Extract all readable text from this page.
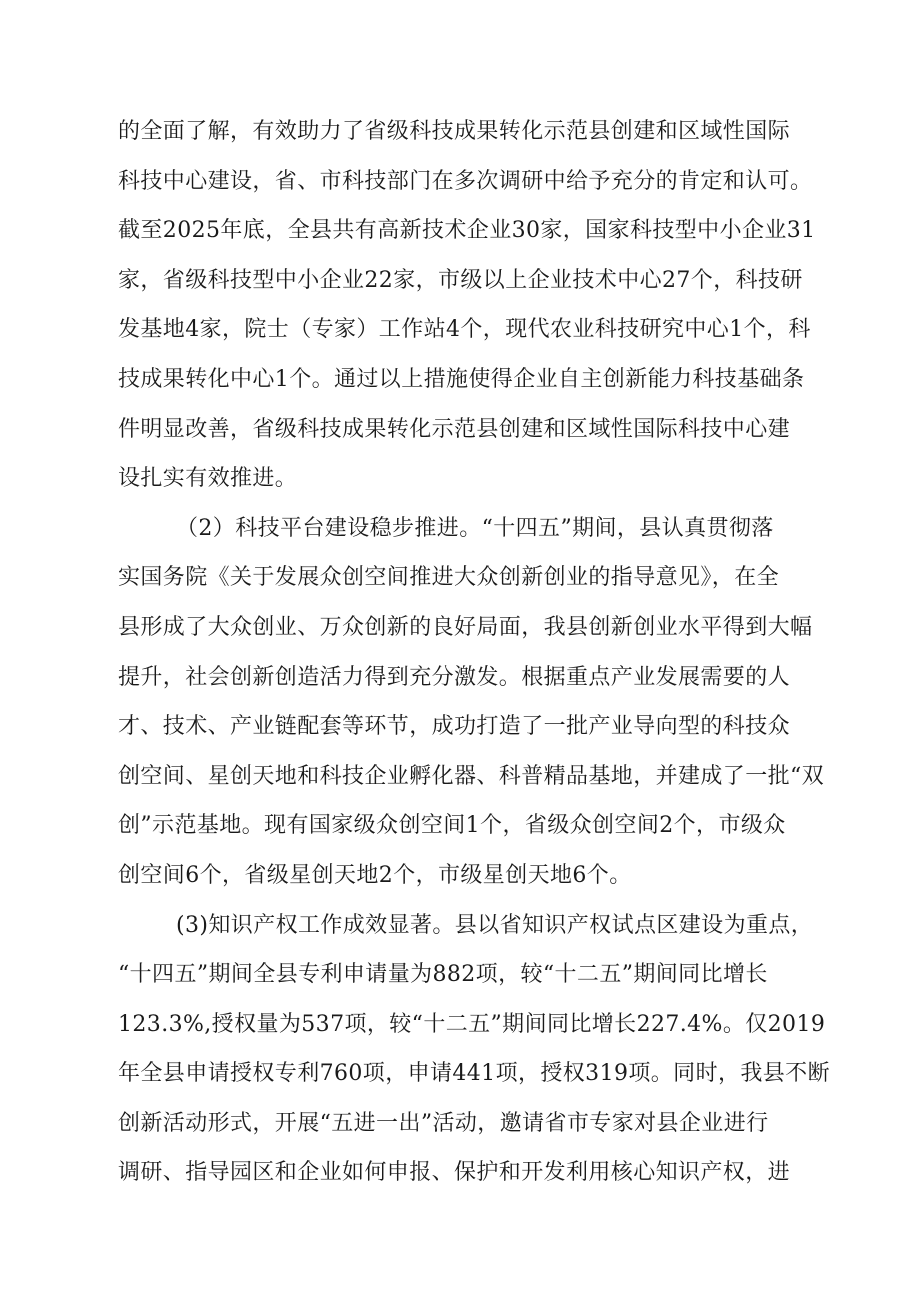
的全面了解，有效助力了省级科技成果转化示范县创建和区域性国际
科技中心建设，省、市科技部门在多次调研中给予充分的肯定和认可。
截至2025年底，全县共有高新技术企业30家，国家科技型中小企业31
家，省级科技型中小企业22家，市级以上企业技术中心27个，科技研
发基地4家，院士（专家）工作站4个，现代农业科技研究中心1个，科
技成果转化中心1个。通过以上措施使得企业自主创新能力科技基础条
件明显改善，省级科技成果转化示范县创建和区域性国际科技中心建
设扎实有效推进。
（2）科技平台建设稳步推进。“十四五”期间，县认真贯彻落
实国务院《关于发展众创空间推进大众创新创业的指导意见》，在全
县形成了大众创业、万众创新的良好局面，我县创新创业水平得到大幅
提升，社会创新创造活力得到充分激发。根据重点产业发展需要的人
才、技术、产业链配套等环节，成功打造了一批产业导向型的科技众
创空间、星创天地和科技企业孵化器、科普精品基地，并建成了一批“双
创”示范基地。现有国家级众创空间1个，省级众创空间2个，市级众
创空间6个，省级星创天地2个，市级星创天地6个。
(3)知识产权工作成效显著。县以省知识产权试点区建设为重点，
“十四五”期间全县专利申请量为882项，较“十二五”期间同比增长
123.3%,授权量为537项，较“十二五”期间同比增长227.4%。仅2019
年全县申请授权专利760项，申请441项，授权319项。同时，我县不断
创新活动形式，开展“五进一出”活动，邀请省市专家对县企业进行
调研、指导园区和企业如何申报、保护和开发利用核心知识产权，进
